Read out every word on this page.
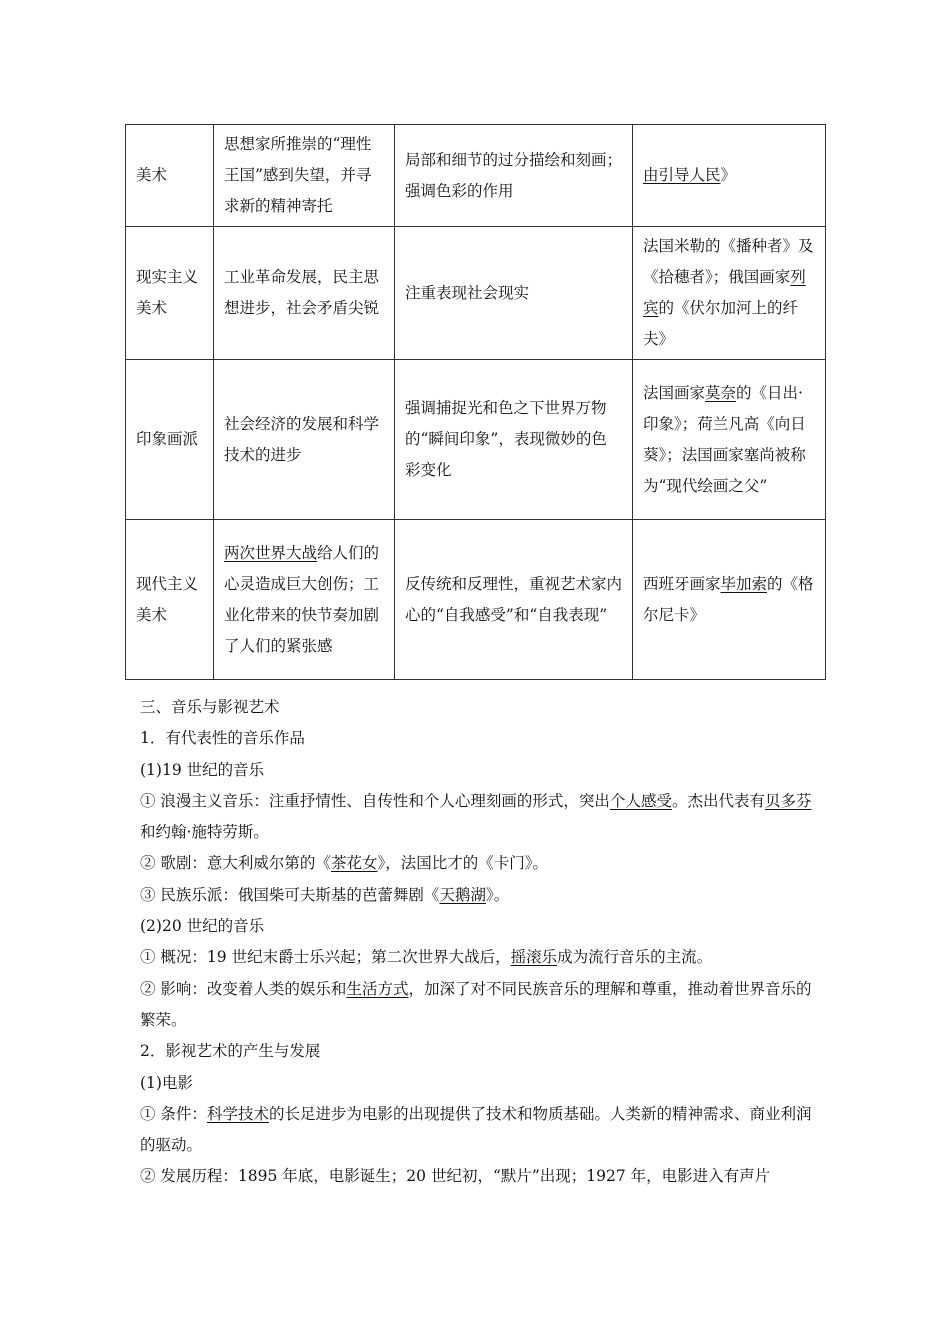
美术	思想家所推崇的“理性王国”感到失望，并寻求新的精神寄托	局部和细节的过分描绘和刻画；强调色彩的作用	由引导人民》
现实主义美术	工业革命发展，民主思想进步，社会矛盾尖锐	注重表现社会现实	法国米勒的《播种者》及《拾穗者》；俄国画家列宾的《伏尔加河上的纤夫》
印象画派	社会经济的发展和科学技术的进步	强调捕捉光和色之下世界万物的“瞬间印象”，表现微妙的色彩变化	法国画家莫奈的《日出·印象》；荷兰凡高《向日葵》；法国画家塞尚被称为“现代绘画之父”
现代主义美术	两次世界大战给人们的心灵造成巨大创伤；工业化带来的快节奏加剧了人们的紧张感	反传统和反理性，重视艺术家内心的“自我感受”和“自我表现”	西班牙画家毕加索的《格尔尼卡》

三、音乐与影视艺术

1．有代表性的音乐作品

(1)19 世纪的音乐

① 浪漫主义音乐：注重抒情性、自传性和个人心理刻画的形式，突出个人感受。杰出代表有贝多芬和约翰·施特劳斯。

② 歌剧：意大利威尔第的《茶花女》，法国比才的《卡门》。

③ 民族乐派：俄国柴可夫斯基的芭蕾舞剧《天鹅湖》。

(2)20 世纪的音乐

① 概况：19 世纪末爵士乐兴起；第二次世界大战后，摇滚乐成为流行音乐的主流。

② 影响：改变着人类的娱乐和生活方式，加深了对不同民族音乐的理解和尊重，推动着世界音乐的繁荣。

2．影视艺术的产生与发展

(1)电影

① 条件：科学技术的长足进步为电影的出现提供了技术和物质基础。人类新的精神需求、商业利润的驱动。

② 发展历程：1895 年底，电影诞生；20 世纪初，“默片”出现；1927 年，电影进入有声片
